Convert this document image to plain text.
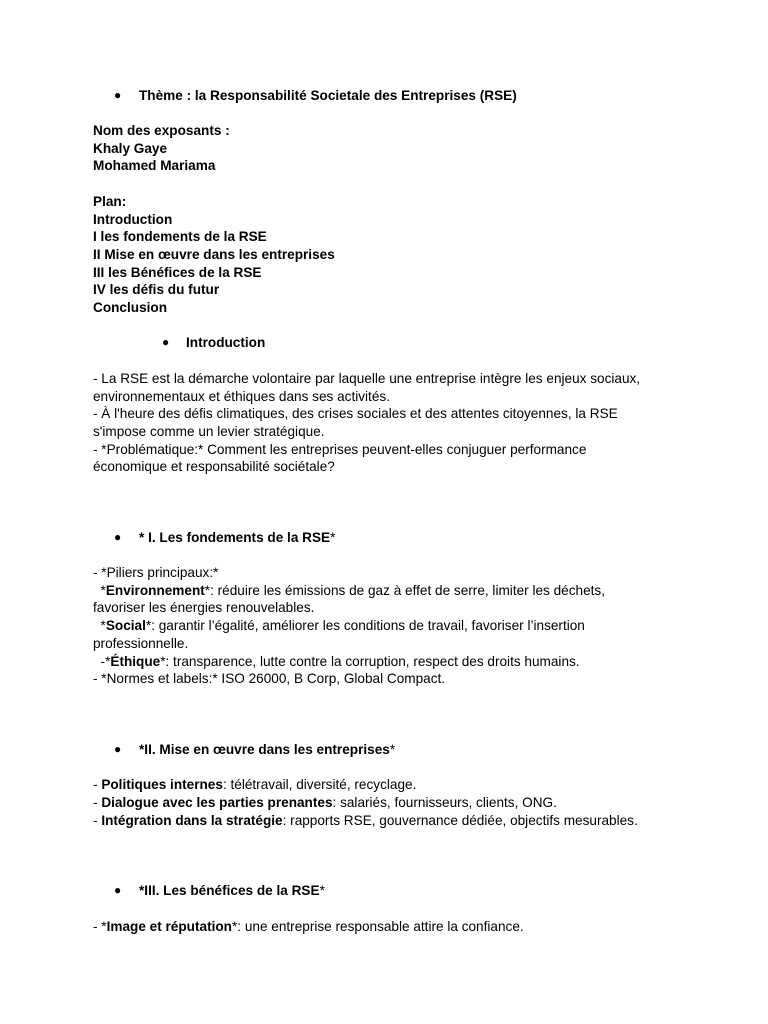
● Thème : la Responsabilité Societale des Entreprises (RSE)
Nom des exposants :
Khaly Gaye
Mohamed Mariama
Plan:
Introduction
I les fondements de la RSE
II Mise en œuvre dans les entreprises
III les Bénéfices de la RSE
IV les défis du futur
Conclusion
● Introduction
- La RSE est la démarche volontaire par laquelle une entreprise intègre les enjeux sociaux,
environnementaux et éthiques dans ses activités.
- À l'heure des défis climatiques, des crises sociales et des attentes citoyennes, la RSE
s'impose comme un levier stratégique.
- *Problématique:* Comment les entreprises peuvent-elles conjuguer performance
économique et responsabilité sociétale?
● * I. Les fondements de la RSE*
- *Piliers principaux:*
*Environnement*: réduire les émissions de gaz à effet de serre, limiter les déchets,
favoriser les énergies renouvelables.
*Social*: garantir l’égalité, améliorer les conditions de travail, favoriser l’insertion
professionnelle.
-*Éthique*: transparence, lutte contre la corruption, respect des droits humains.
- *Normes et labels:* ISO 26000, B Corp, Global Compact.
● *II. Mise en œuvre dans les entreprises*
- Politiques internes: télétravail, diversité, recyclage.
- Dialogue avec les parties prenantes: salariés, fournisseurs, clients, ONG.
- Intégration dans la stratégie: rapports RSE, gouvernance dédiée, objectifs mesurables.
● *III. Les bénéfices de la RSE*
- *Image et réputation*: une entreprise responsable attire la confiance.
